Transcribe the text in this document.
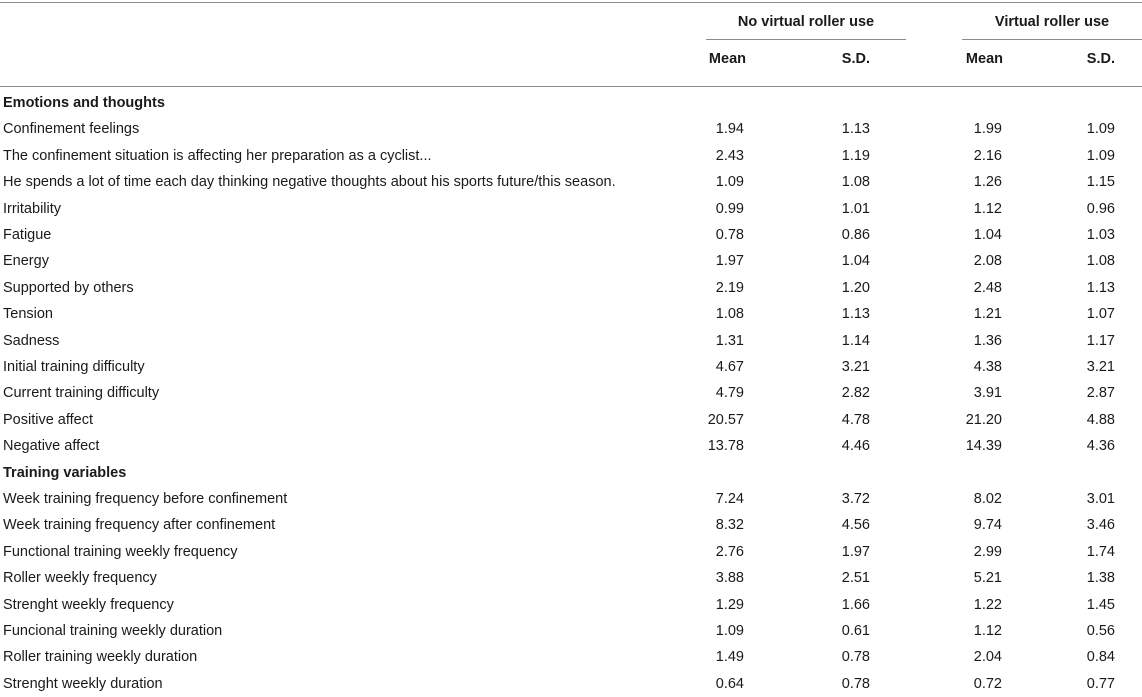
No virtual roller use	Virtual roller use
Mean	S.D.	Mean	S.D.
Emotions and thoughts
Confinement feelings	1.94	1.13	1.99	1.09
The confinement situation is affecting her preparation as a cyclist...	2.43	1.19	2.16	1.09
He spends a lot of time each day thinking negative thoughts about his sports future/this season.	1.09	1.08	1.26	1.15
Irritability	0.99	1.01	1.12	0.96
Fatigue	0.78	0.86	1.04	1.03
Energy	1.97	1.04	2.08	1.08
Supported by others	2.19	1.20	2.48	1.13
Tension	1.08	1.13	1.21	1.07
Sadness	1.31	1.14	1.36	1.17
Initial training difficulty	4.67	3.21	4.38	3.21
Current training difficulty	4.79	2.82	3.91	2.87
Positive affect	20.57	4.78	21.20	4.88
Negative affect	13.78	4.46	14.39	4.36
Training variables
Week training frequency before confinement	7.24	3.72	8.02	3.01
Week training frequency after confinement	8.32	4.56	9.74	3.46
Functional training weekly frequency	2.76	1.97	2.99	1.74
Roller weekly frequency	3.88	2.51	5.21	1.38
Strenght weekly frequency	1.29	1.66	1.22	1.45
Funcional training weekly duration	1.09	0.61	1.12	0.56
Roller training weekly duration	1.49	0.78	2.04	0.84
Strenght weekly duration	0.64	0.78	0.72	0.77
